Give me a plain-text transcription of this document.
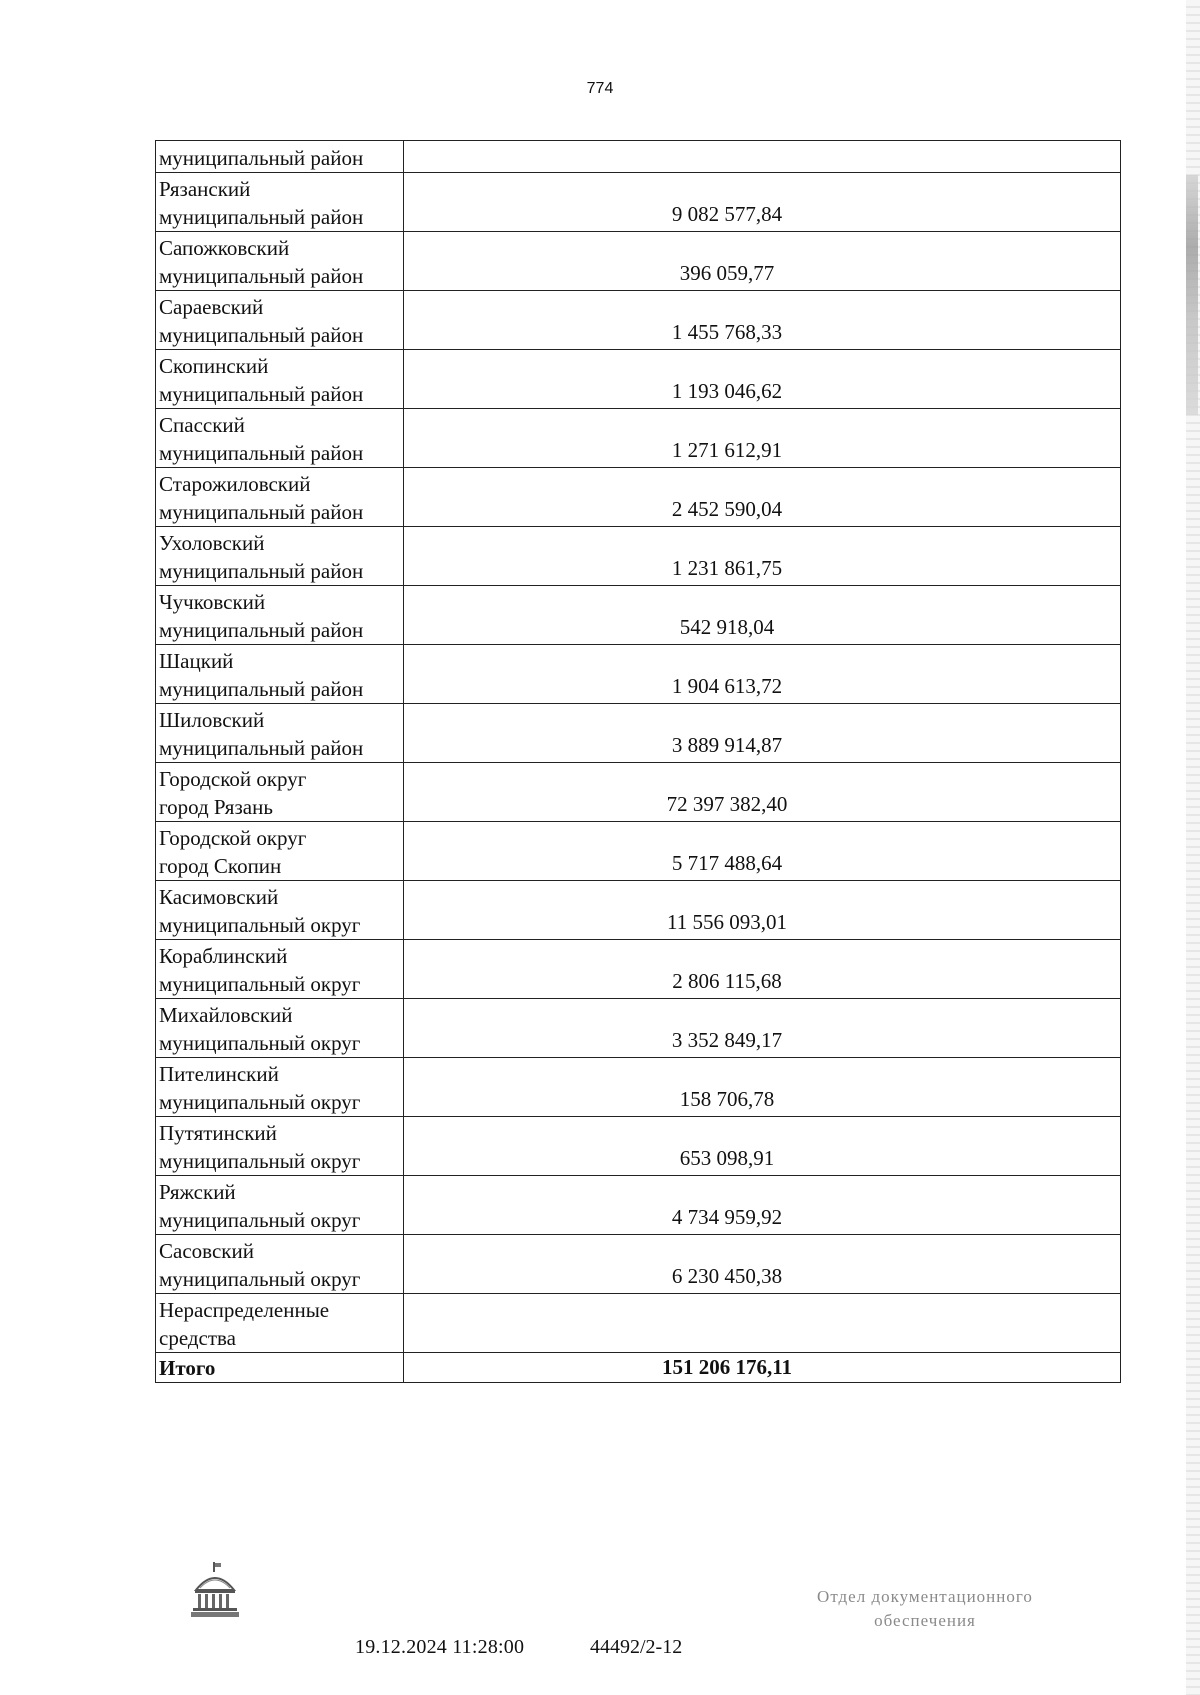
774
муниципальный район	

Рязанский
муниципальный район	9 082 577,84

Сапожковский
муниципальный район	396 059,77

Сараевский
муниципальный район	1 455 768,33

Скопинский
муниципальный район	1 193 046,62

Спасский
муниципальный район	1 271 612,91

Старожиловский
муниципальный район	2 452 590,04

Ухоловский
муниципальный район	1 231 861,75

Чучковский
муниципальный район	542 918,04

Шацкий
муниципальный район	1 904 613,72

Шиловский
муниципальный район	3 889 914,87

Городской округ
город Рязань	72 397 382,40

Городской округ
город Скопин	5 717 488,64

Касимовский
муниципальный округ	11 556 093,01

Кораблинский
муниципальный округ	2 806 115,68

Михайловский
муниципальный округ	3 352 849,17

Пителинский
муниципальный округ	158 706,78

Путятинский
муниципальный округ	653 098,91

Ряжский
муниципальный округ	4 734 959,92

Сасовский
муниципальный округ	6 230 450,38

Нераспределенные
средства	

Итого	151 206 176,11
19.12.2024 11:28:00	44492/2-12
Отдел документационного
обеспечения
